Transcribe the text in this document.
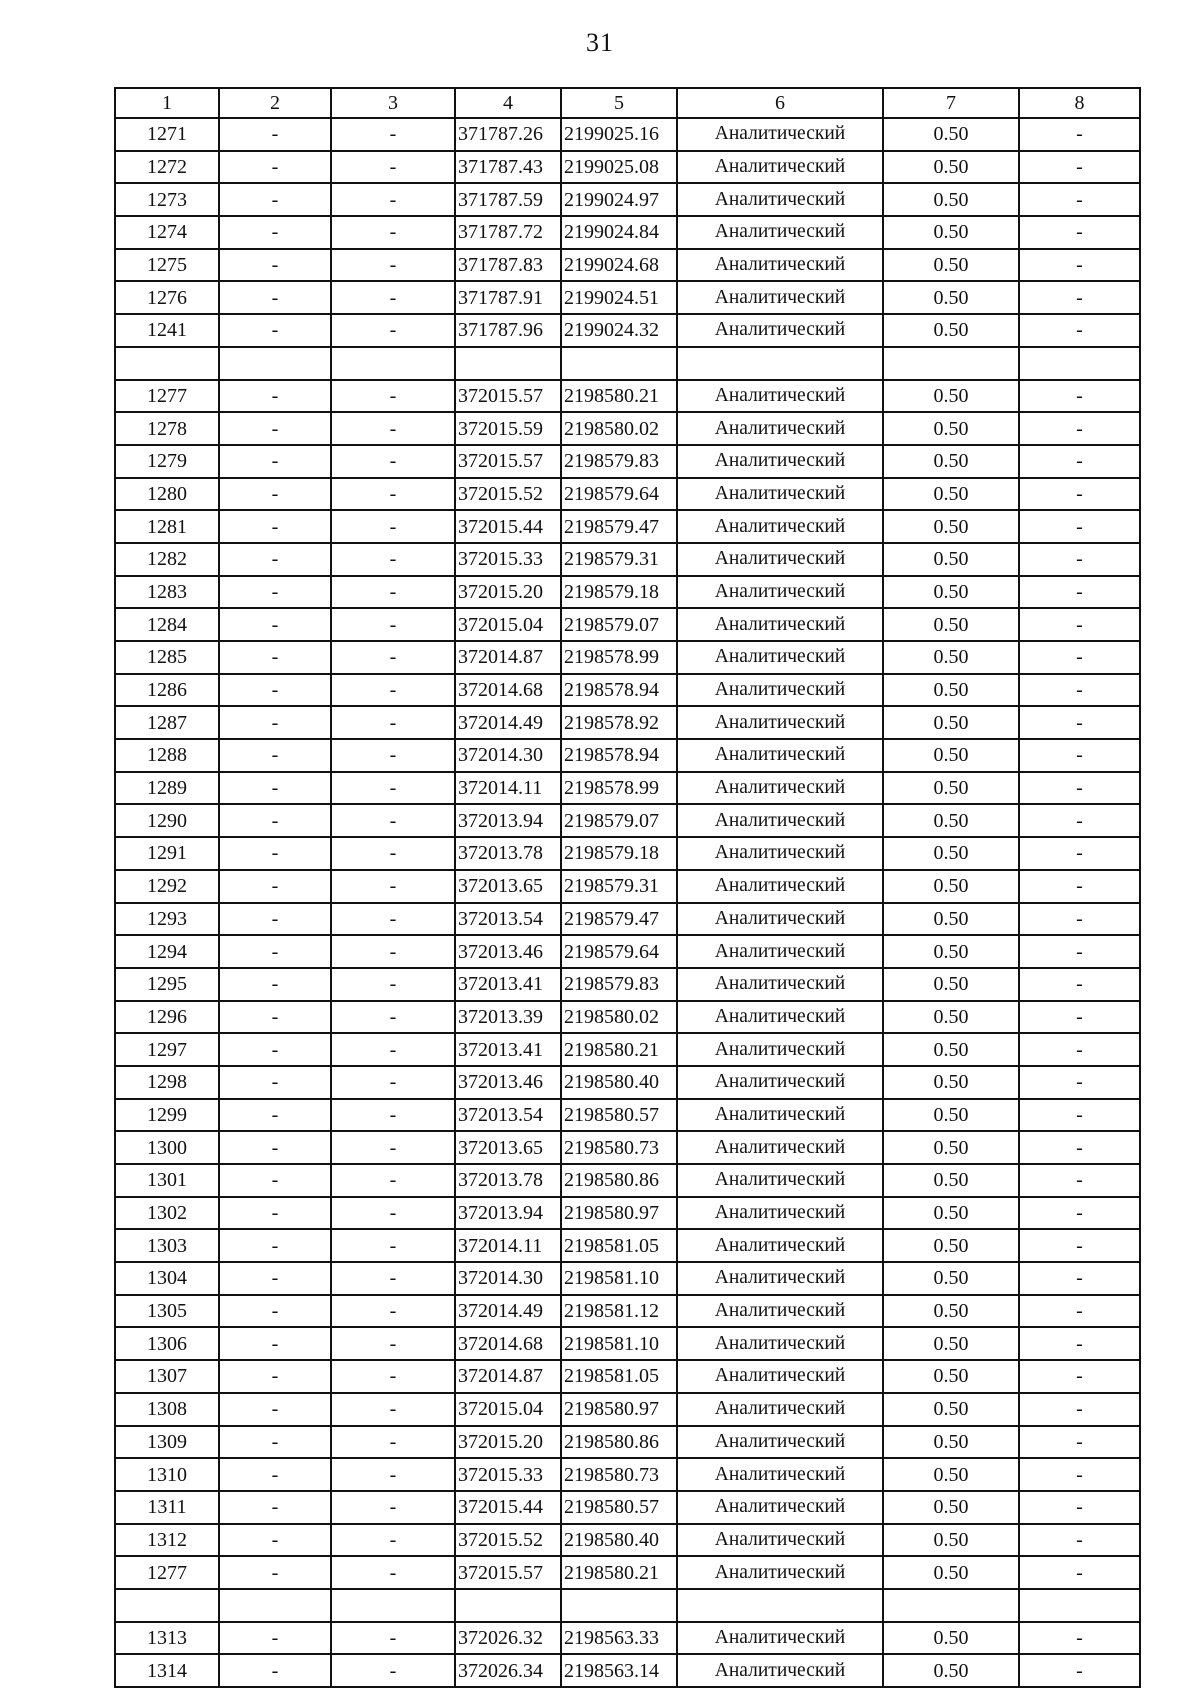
31
1	2	3	4	5	6	7	8
1271	-	-	371787.26	2199025.16	Аналитический	0.50	-
1272	-	-	371787.43	2199025.08	Аналитический	0.50	-
1273	-	-	371787.59	2199024.97	Аналитический	0.50	-
1274	-	-	371787.72	2199024.84	Аналитический	0.50	-
1275	-	-	371787.83	2199024.68	Аналитический	0.50	-
1276	-	-	371787.91	2199024.51	Аналитический	0.50	-
1241	-	-	371787.96	2199024.32	Аналитический	0.50	-

1277	-	-	372015.57	2198580.21	Аналитический	0.50	-
1278	-	-	372015.59	2198580.02	Аналитический	0.50	-
1279	-	-	372015.57	2198579.83	Аналитический	0.50	-
1280	-	-	372015.52	2198579.64	Аналитический	0.50	-
1281	-	-	372015.44	2198579.47	Аналитический	0.50	-
1282	-	-	372015.33	2198579.31	Аналитический	0.50	-
1283	-	-	372015.20	2198579.18	Аналитический	0.50	-
1284	-	-	372015.04	2198579.07	Аналитический	0.50	-
1285	-	-	372014.87	2198578.99	Аналитический	0.50	-
1286	-	-	372014.68	2198578.94	Аналитический	0.50	-
1287	-	-	372014.49	2198578.92	Аналитический	0.50	-
1288	-	-	372014.30	2198578.94	Аналитический	0.50	-
1289	-	-	372014.11	2198578.99	Аналитический	0.50	-
1290	-	-	372013.94	2198579.07	Аналитический	0.50	-
1291	-	-	372013.78	2198579.18	Аналитический	0.50	-
1292	-	-	372013.65	2198579.31	Аналитический	0.50	-
1293	-	-	372013.54	2198579.47	Аналитический	0.50	-
1294	-	-	372013.46	2198579.64	Аналитический	0.50	-
1295	-	-	372013.41	2198579.83	Аналитический	0.50	-
1296	-	-	372013.39	2198580.02	Аналитический	0.50	-
1297	-	-	372013.41	2198580.21	Аналитический	0.50	-
1298	-	-	372013.46	2198580.40	Аналитический	0.50	-
1299	-	-	372013.54	2198580.57	Аналитический	0.50	-
1300	-	-	372013.65	2198580.73	Аналитический	0.50	-
1301	-	-	372013.78	2198580.86	Аналитический	0.50	-
1302	-	-	372013.94	2198580.97	Аналитический	0.50	-
1303	-	-	372014.11	2198581.05	Аналитический	0.50	-
1304	-	-	372014.30	2198581.10	Аналитический	0.50	-
1305	-	-	372014.49	2198581.12	Аналитический	0.50	-
1306	-	-	372014.68	2198581.10	Аналитический	0.50	-
1307	-	-	372014.87	2198581.05	Аналитический	0.50	-
1308	-	-	372015.04	2198580.97	Аналитический	0.50	-
1309	-	-	372015.20	2198580.86	Аналитический	0.50	-
1310	-	-	372015.33	2198580.73	Аналитический	0.50	-
1311	-	-	372015.44	2198580.57	Аналитический	0.50	-
1312	-	-	372015.52	2198580.40	Аналитический	0.50	-
1277	-	-	372015.57	2198580.21	Аналитический	0.50	-

1313	-	-	372026.32	2198563.33	Аналитический	0.50	-
1314	-	-	372026.34	2198563.14	Аналитический	0.50	-
